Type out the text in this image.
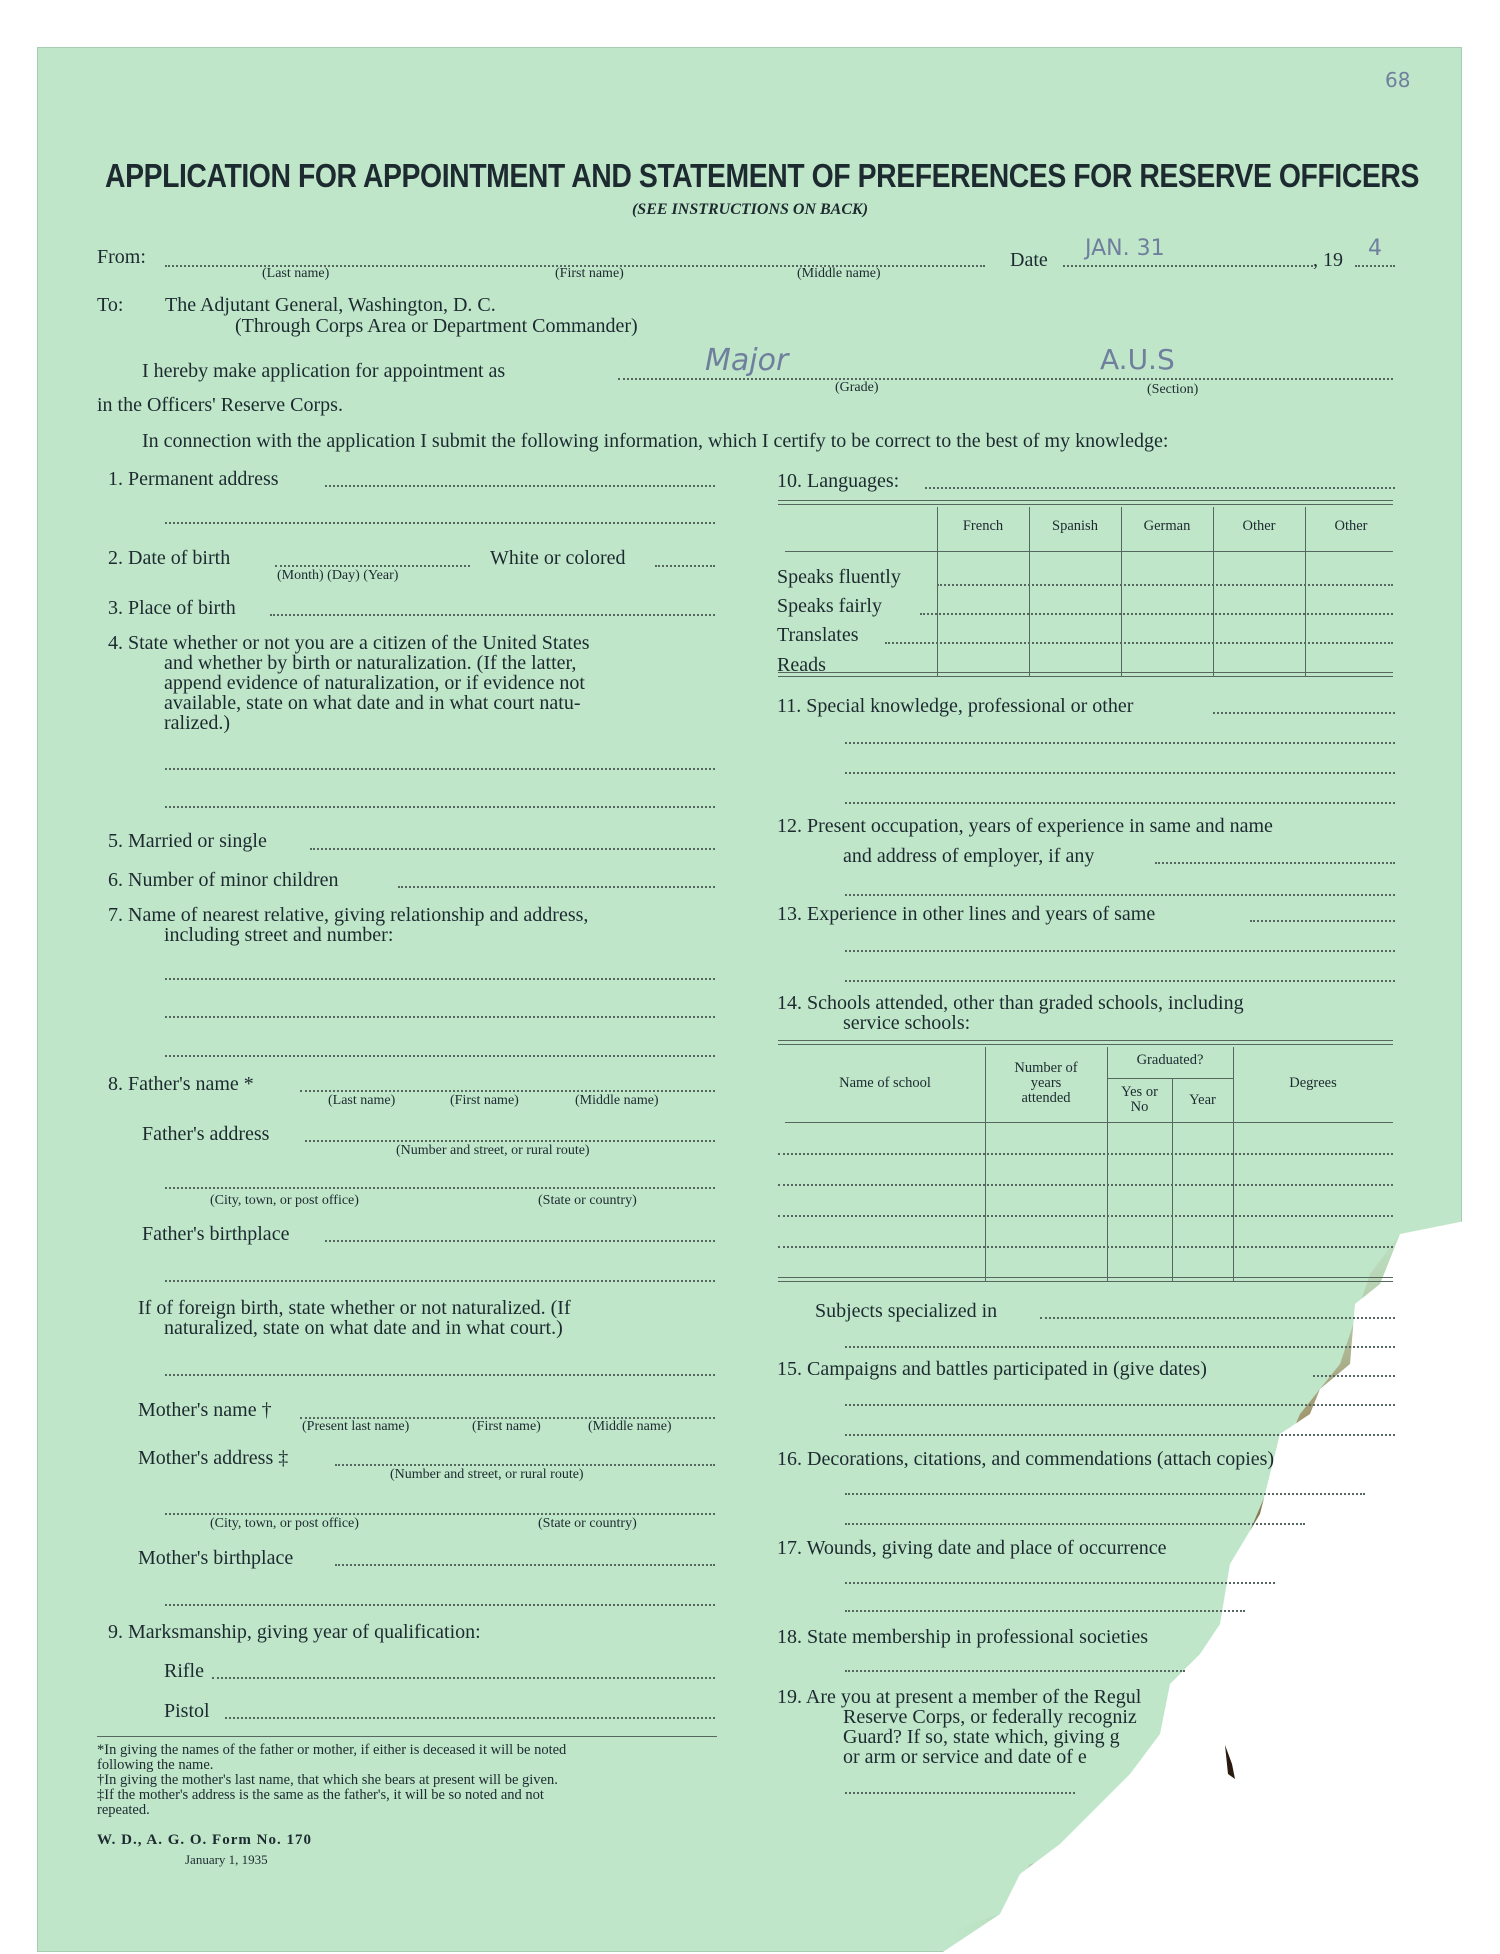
68
APPLICATION FOR APPOINTMENT AND STATEMENT OF PREFERENCES FOR RESERVE OFFICERS
(SEE INSTRUCTIONS ON BACK)
From:
(Last name)	(First name)	(Middle name)
Date JAN. 31	, 19 4
To: The Adjutant General, Washington, D. C.
(Through Corps Area or Department Commander)
I hereby make application for appointment as	Major	A.U.S
(Grade)	(Section)
in the Officers' Reserve Corps.
In connection with the application I submit the following information, which I certify to be correct to the best of my knowledge:
1. Permanent address
2. Date of birth
(Month) (Day) (Year)
White or colored
3. Place of birth
4. State whether or not you are a citizen of the United States
and whether by birth or naturalization. (If the latter,
append evidence of naturalization, or if evidence not
available, state on what date and in what court natu-
ralized.)
5. Married or single
6. Number of minor children
7. Name of nearest relative, giving relationship and address,
including street and number:
8. Father's name *
(Last name)	(First name)	(Middle name)
Father's address
(Number and street, or rural route)
(City, town, or post office)	(State or country)
Father's birthplace
If of foreign birth, state whether or not naturalized. (If
naturalized, state on what date and in what court.)
Mother's name †
(Present last name)	(First name)	(Middle name)
Mother's address ‡
(Number and street, or rural route)
(City, town, or post office)	(State or country)
Mother's birthplace
9. Marksmanship, giving year of qualification:
Rifle
Pistol
*In giving the names of the father or mother, if either is deceased it will be noted
following the name.
†In giving the mother's last name, that which she bears at present will be given.
‡If the mother's address is the same as the father's, it will be so noted and not
repeated.
W. D., A. G. O. Form No. 170
January 1, 1935
10. Languages:
French	Spanish	German	Other	Other
Speaks fluently
Speaks fairly
Translates
Reads
11. Special knowledge, professional or other
12. Present occupation, years of experience in same and name
and address of employer, if any
13. Experience in other lines and years of same
14. Schools attended, other than graded schools, including
service schools:
Name of school
Number of
years
attended
Graduated?
Yes or
No	Year
Degrees
Subjects specialized in
15. Campaigns and battles participated in (give dates)
16. Decorations, citations, and commendations (attach copies)
17. Wounds, giving date and place of occurrence
18. State membership in professional societies
19. Are you at present a member of the Regul
Reserve Corps, or federally recogniz
Guard? If so, state which, giving g
or arm or service and date of e
